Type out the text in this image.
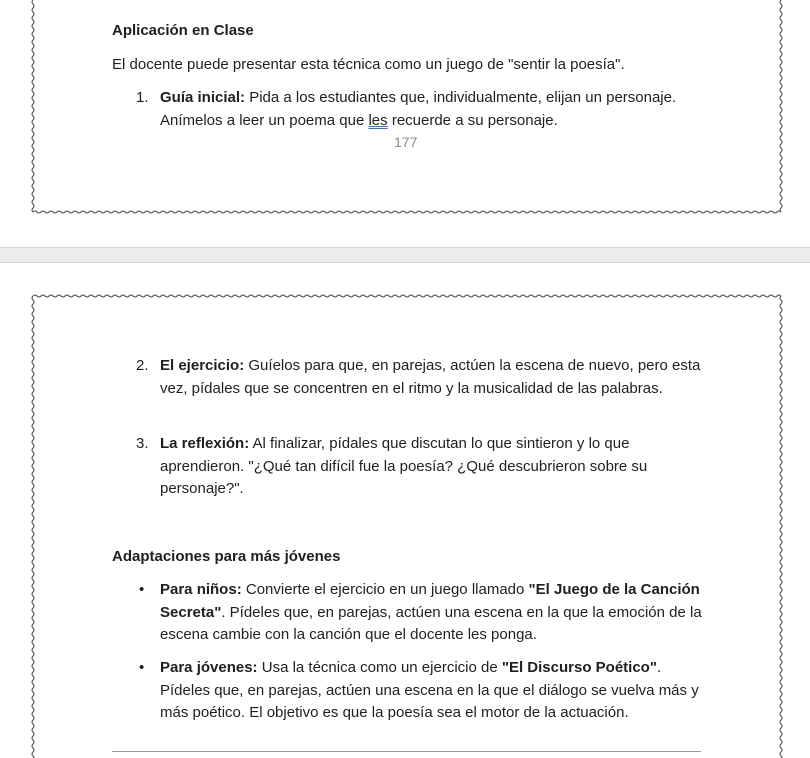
Aplicación en Clase
El docente puede presentar esta técnica como un juego de "sentir la poesía".
1. Guía inicial: Pida a los estudiantes que, individualmente, elijan un personaje.
Anímelos a leer un poema que les recuerde a su personaje.
177
2. El ejercicio: Guíelos para que, en parejas, actúen la escena de nuevo, pero esta vez, pídales que se concentren en el ritmo y la musicalidad de las palabras.
3. La reflexión: Al finalizar, pídales que discutan lo que sintieron y lo que aprendieron. "¿Qué tan difícil fue la poesía? ¿Qué descubrieron sobre su personaje?".
Adaptaciones para más jóvenes
• Para niños: Convierte el ejercicio en un juego llamado "El Juego de la Canción Secreta". Pídeles que, en parejas, actúen una escena en la que la emoción de la escena cambie con la canción que el docente les ponga.
• Para jóvenes: Usa la técnica como un ejercicio de "El Discurso Poético". Pídeles que, en parejas, actúen una escena en la que el diálogo se vuelva más y más poético. El objetivo es que la poesía sea el motor de la actuación.
